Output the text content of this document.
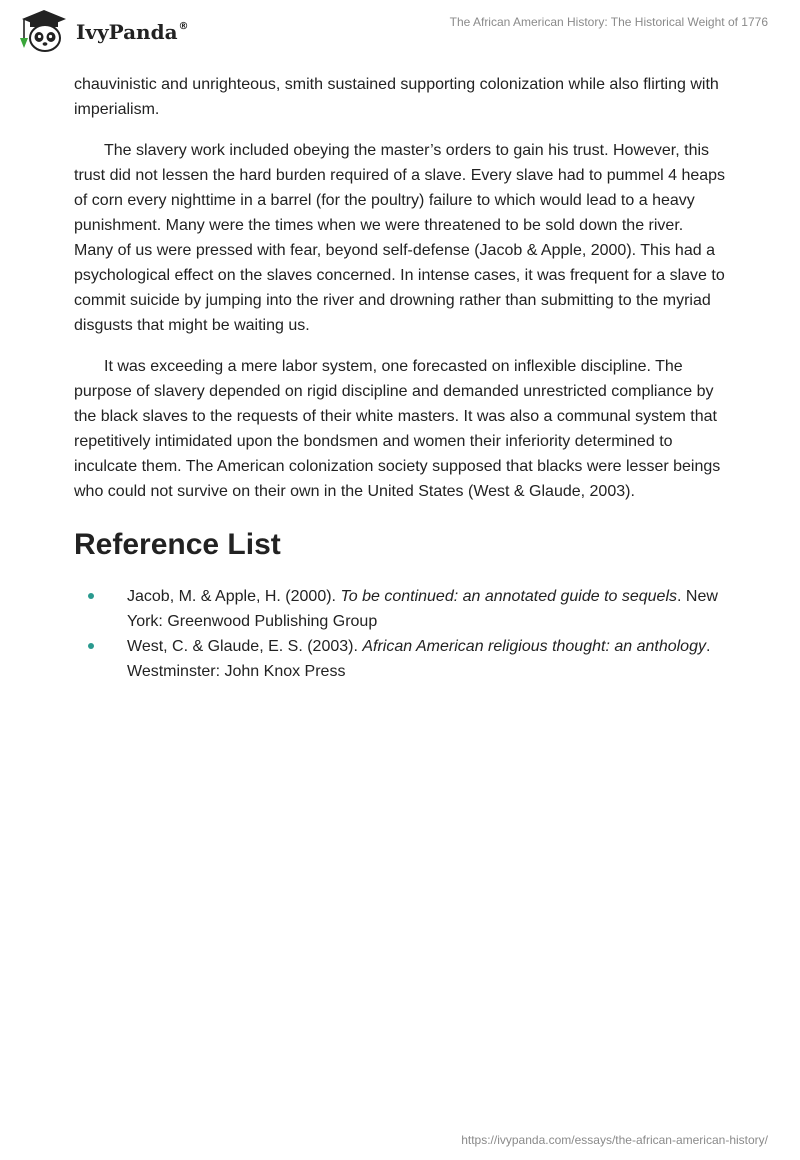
IvyPanda®	The African American History: The Historical Weight of 1776

chauvinistic and unrighteous, smith sustained supporting colonization while also flirting with imperialism.

The slavery work included obeying the master’s orders to gain his trust. However, this trust did not lessen the hard burden required of a slave. Every slave had to pummel 4 heaps of corn every nighttime in a barrel (for the poultry) failure to which would lead to a heavy punishment. Many were the times when we were threatened to be sold down the river. Many of us were pressed with fear, beyond self-defense (Jacob & Apple, 2000). This had a psychological effect on the slaves concerned. In intense cases, it was frequent for a slave to commit suicide by jumping into the river and drowning rather than submitting to the myriad disgusts that might be waiting us.

It was exceeding a mere labor system, one forecasted on inflexible discipline. The purpose of slavery depended on rigid discipline and demanded unrestricted compliance by the black slaves to the requests of their white masters. It was also a communal system that repetitively intimidated upon the bondsmen and women their inferiority determined to inculcate them. The American colonization society supposed that blacks were lesser beings who could not survive on their own in the United States (West & Glaude, 2003).

Reference List
Jacob, M. & Apple, H. (2000). To be continued: an annotated guide to sequels. New York: Greenwood Publishing Group
West, C. & Glaude, E. S. (2003). African American religious thought: an anthology. Westminster: John Knox Press
https://ivypanda.com/essays/the-african-american-history/
